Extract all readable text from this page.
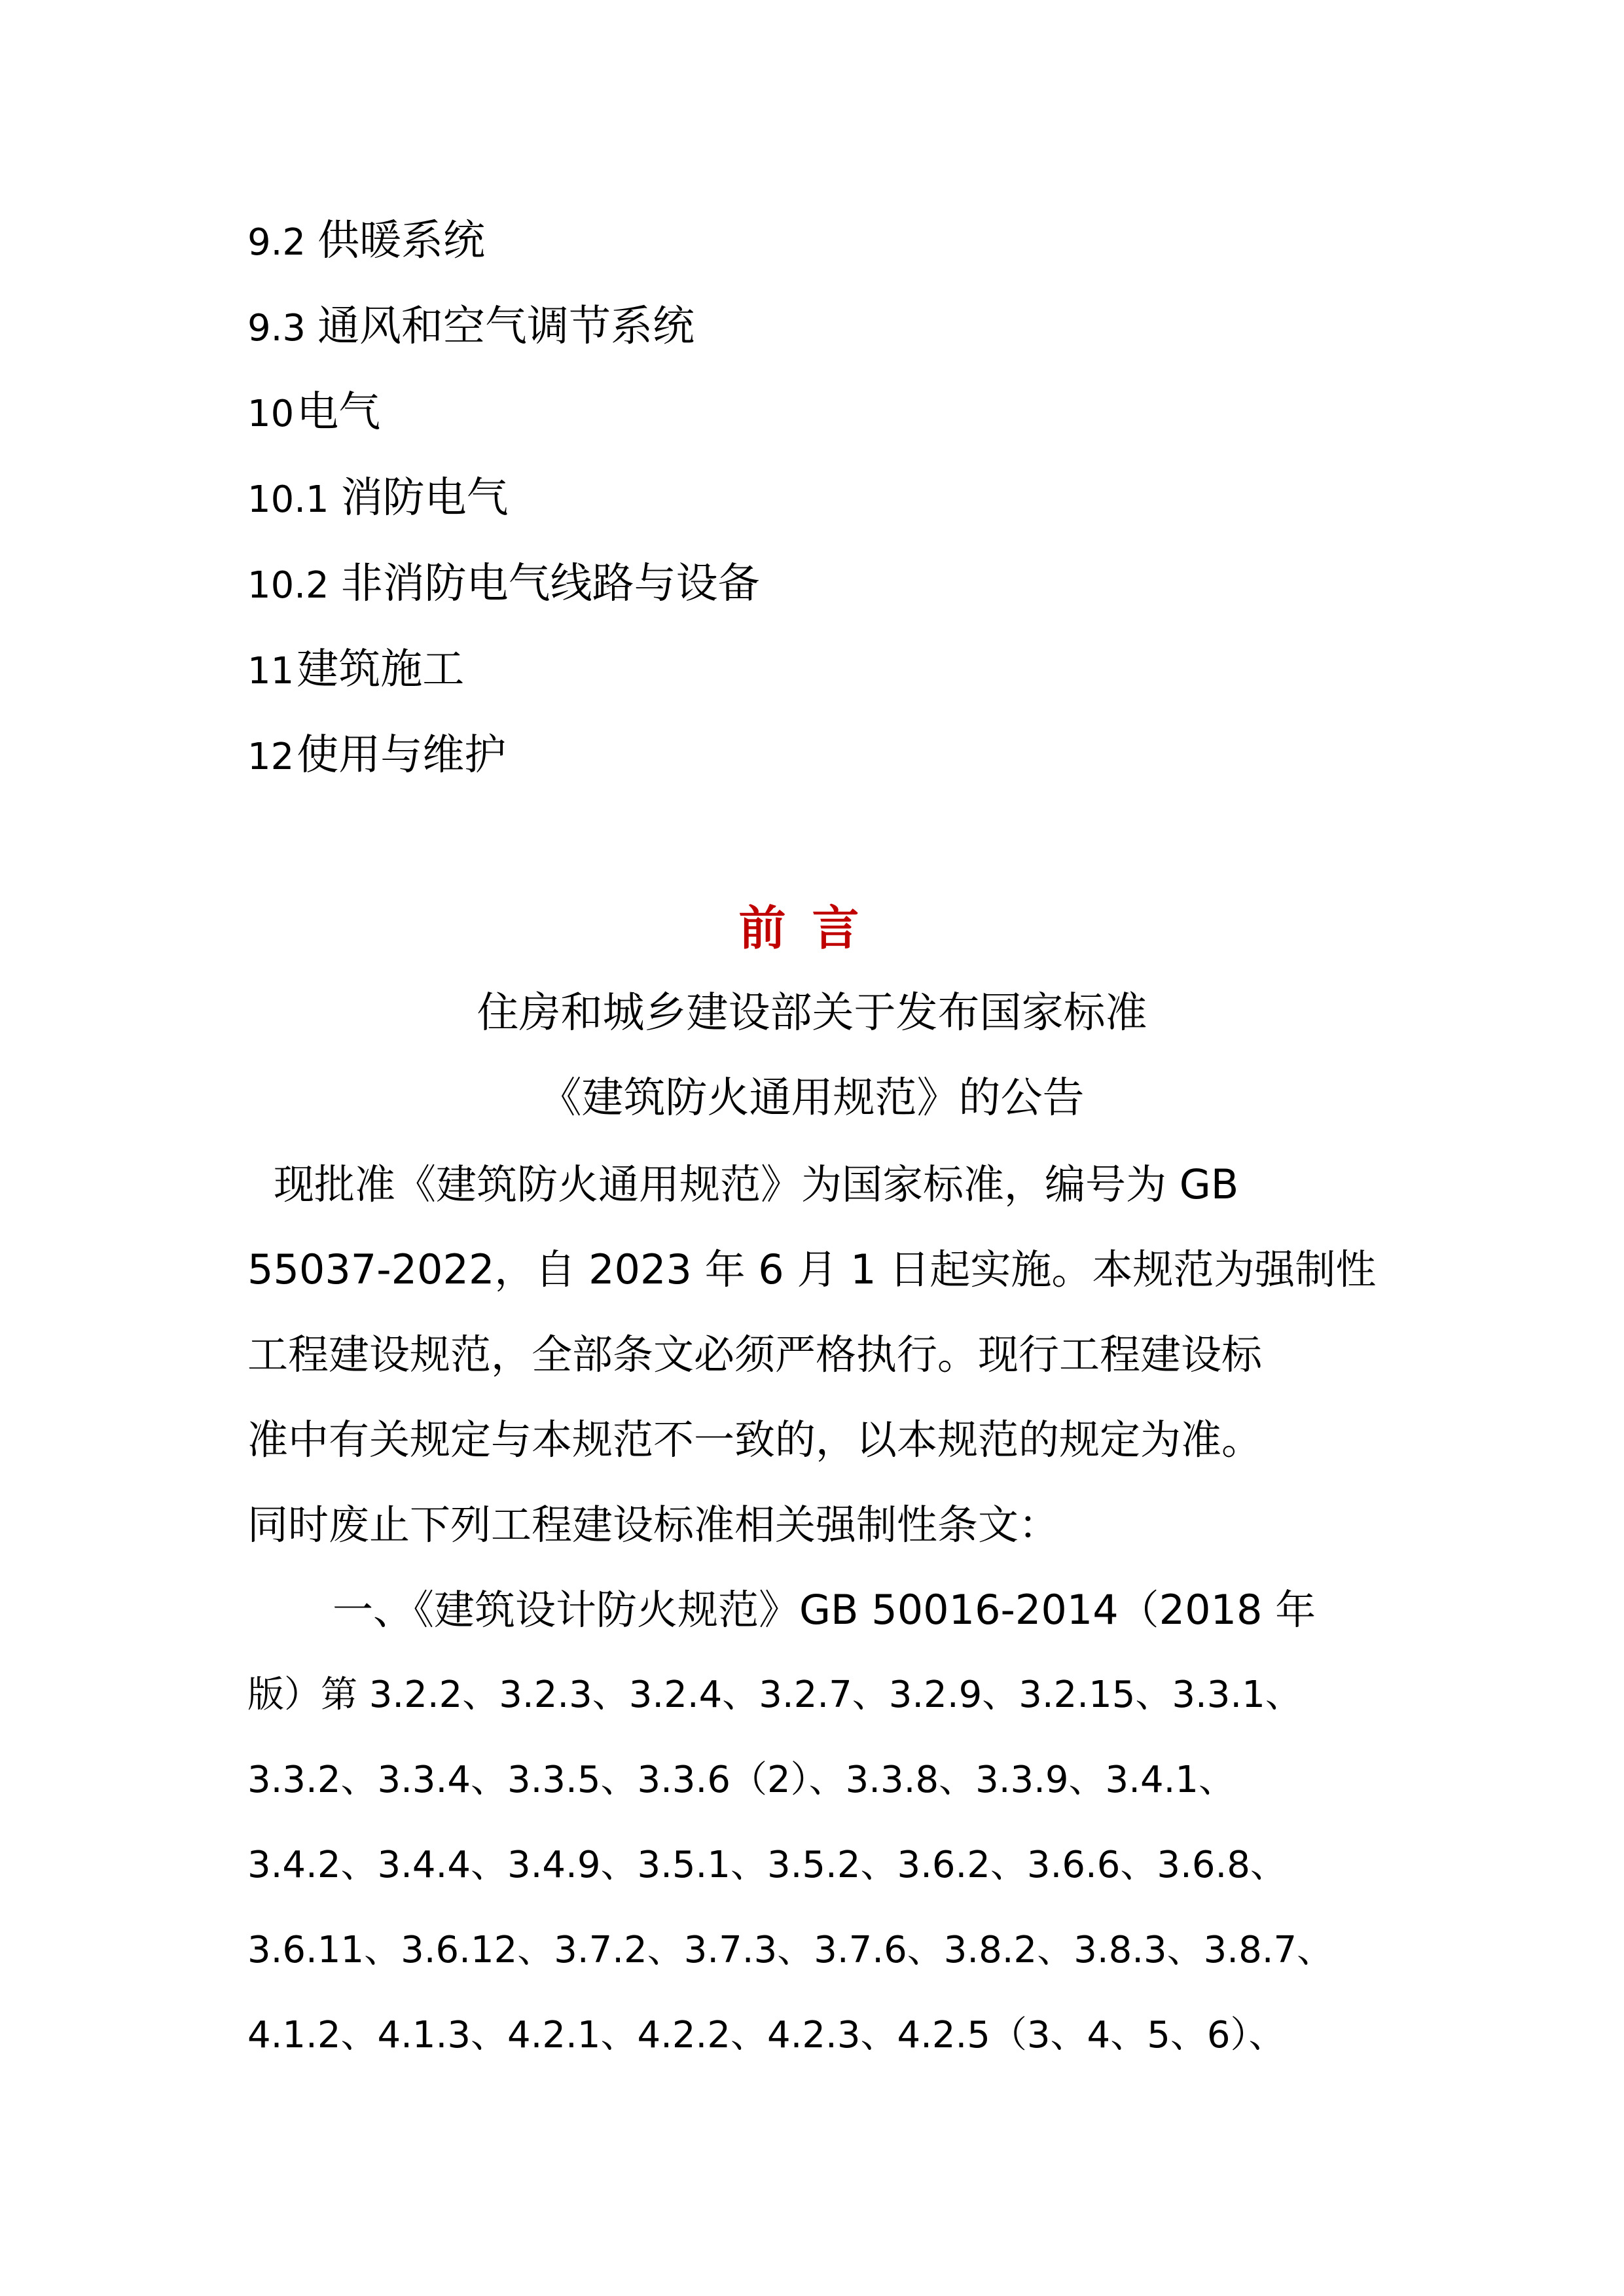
9.2 供暖系统
9.3 通风和空气调节系统
10电气
10.1 消防电气
10.2 非消防电气线路与设备
11建筑施工
12使用与维护
前言
住房和城乡建设部关于发布国家标准
《建筑防火通用规范》的公告
现批准《建筑防火通用规范》为国家标准，编号为 GB
55037-2022，自 2023 年 6 月 1 日起实施。本规范为强制性
工程建设规范，全部条文必须严格执行。现行工程建设标
准中有关规定与本规范不一致的，以本规范的规定为准。
同时废止下列工程建设标准相关强制性条文：
一、《建筑设计防火规范》GB 50016-2014（2018 年
版）第 3.2.2、3.2.3、3.2.4、3.2.7、3.2.9、3.2.15、3.3.1、
3.3.2、3.3.4、3.3.5、3.3.6（2）、3.3.8、3.3.9、3.4.1、
3.4.2、3.4.4、3.4.9、3.5.1、3.5.2、3.6.2、3.6.6、3.6.8、
3.6.11、3.6.12、3.7.2、3.7.3、3.7.6、3.8.2、3.8.3、3.8.7、
4.1.2、4.1.3、4.2.1、4.2.2、4.2.3、4.2.5（3、4、5、6）、
